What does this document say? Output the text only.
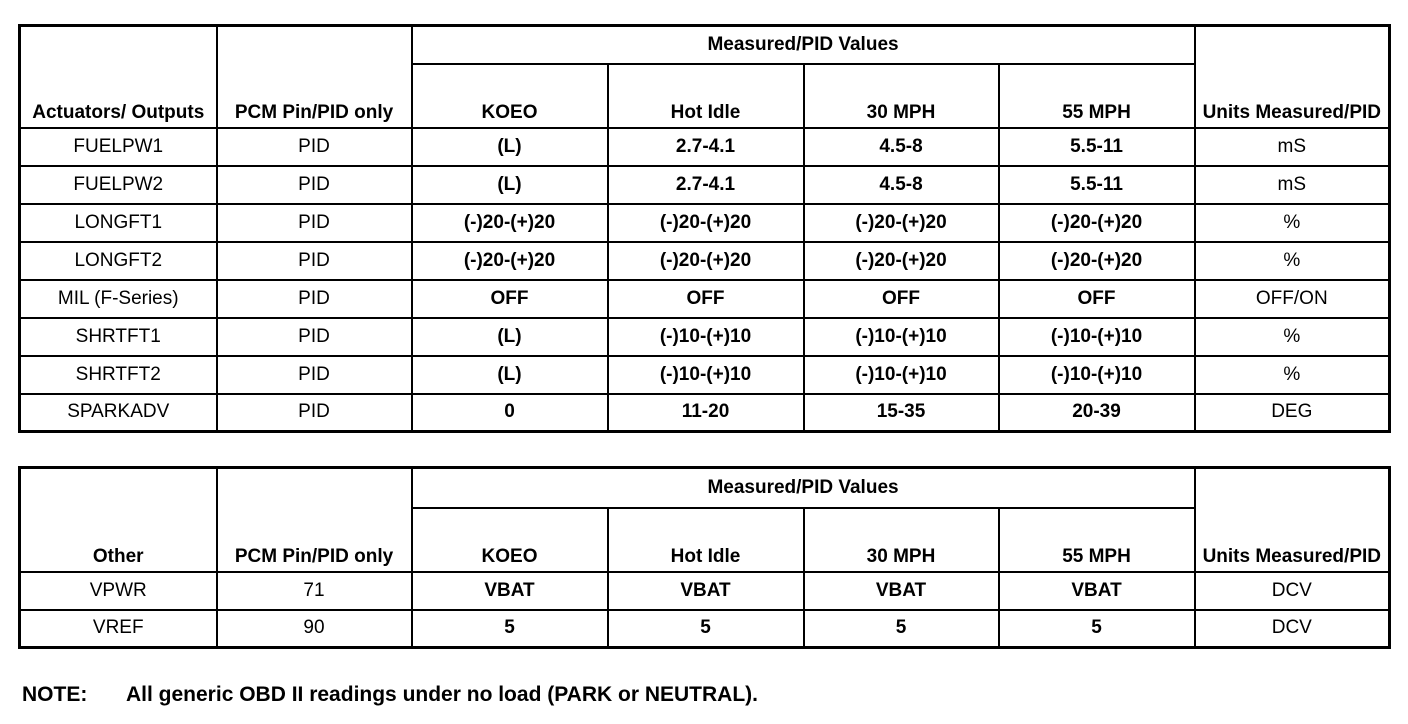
Actuators/ Outputs	PCM Pin/PID only	Measured/PID Values				Units Measured/PID
		KOEO	Hot Idle	30 MPH	55 MPH	
FUELPW1	PID	(L)	2.7-4.1	4.5-8	5.5-11	mS
FUELPW2	PID	(L)	2.7-4.1	4.5-8	5.5-11	mS
LONGFT1	PID	(-)20-(+)20	(-)20-(+)20	(-)20-(+)20	(-)20-(+)20	%
LONGFT2	PID	(-)20-(+)20	(-)20-(+)20	(-)20-(+)20	(-)20-(+)20	%
MIL (F-Series)	PID	OFF	OFF	OFF	OFF	OFF/ON
SHRTFT1	PID	(L)	(-)10-(+)10	(-)10-(+)10	(-)10-(+)10	%
SHRTFT2	PID	(L)	(-)10-(+)10	(-)10-(+)10	(-)10-(+)10	%
SPARKADV	PID	0	11-20	15-35	20-39	DEG
Other	PCM Pin/PID only	Measured/PID Values				Units Measured/PID
		KOEO	Hot Idle	30 MPH	55 MPH	
VPWR	71	VBAT	VBAT	VBAT	VBAT	DCV
VREF	90	5	5	5	5	DCV
NOTE: All generic OBD II readings under no load (PARK or NEUTRAL).
